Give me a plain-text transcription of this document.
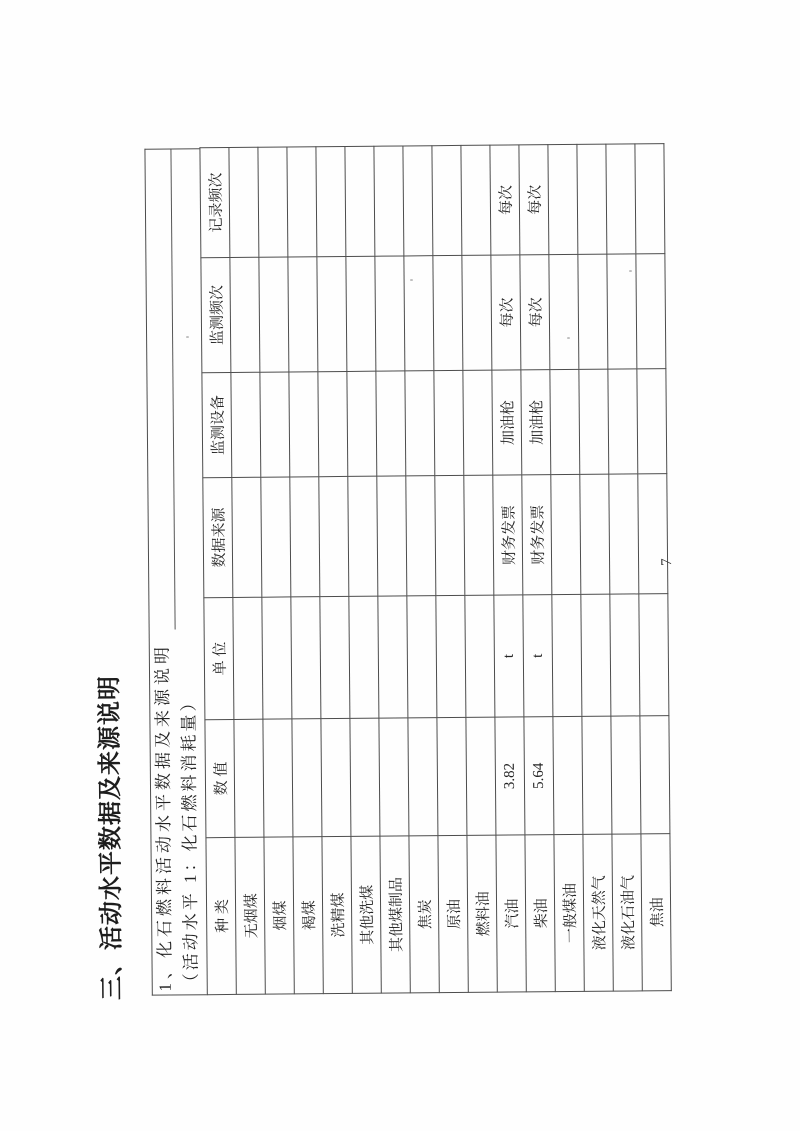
三、活动水平数据及来源说明	1、化石燃料活动水平数据及来源说明 （活动水平 1：化石燃料消耗量） 种 类	数 值	单 位	数据来源	监测设备	监测频次	记录频次
无烟煤						
烟煤						
褐煤						
洗精煤						
其他洗煤						
其他煤制品						
焦炭						
原油						
燃料油						
汽油	3.82	t	财务发票	加油枪	每次	每次
柴油	5.64	t	财务发票	加油枪	每次	每次
一般煤油						
液化天然气						
液化石油气						
焦油						
7
